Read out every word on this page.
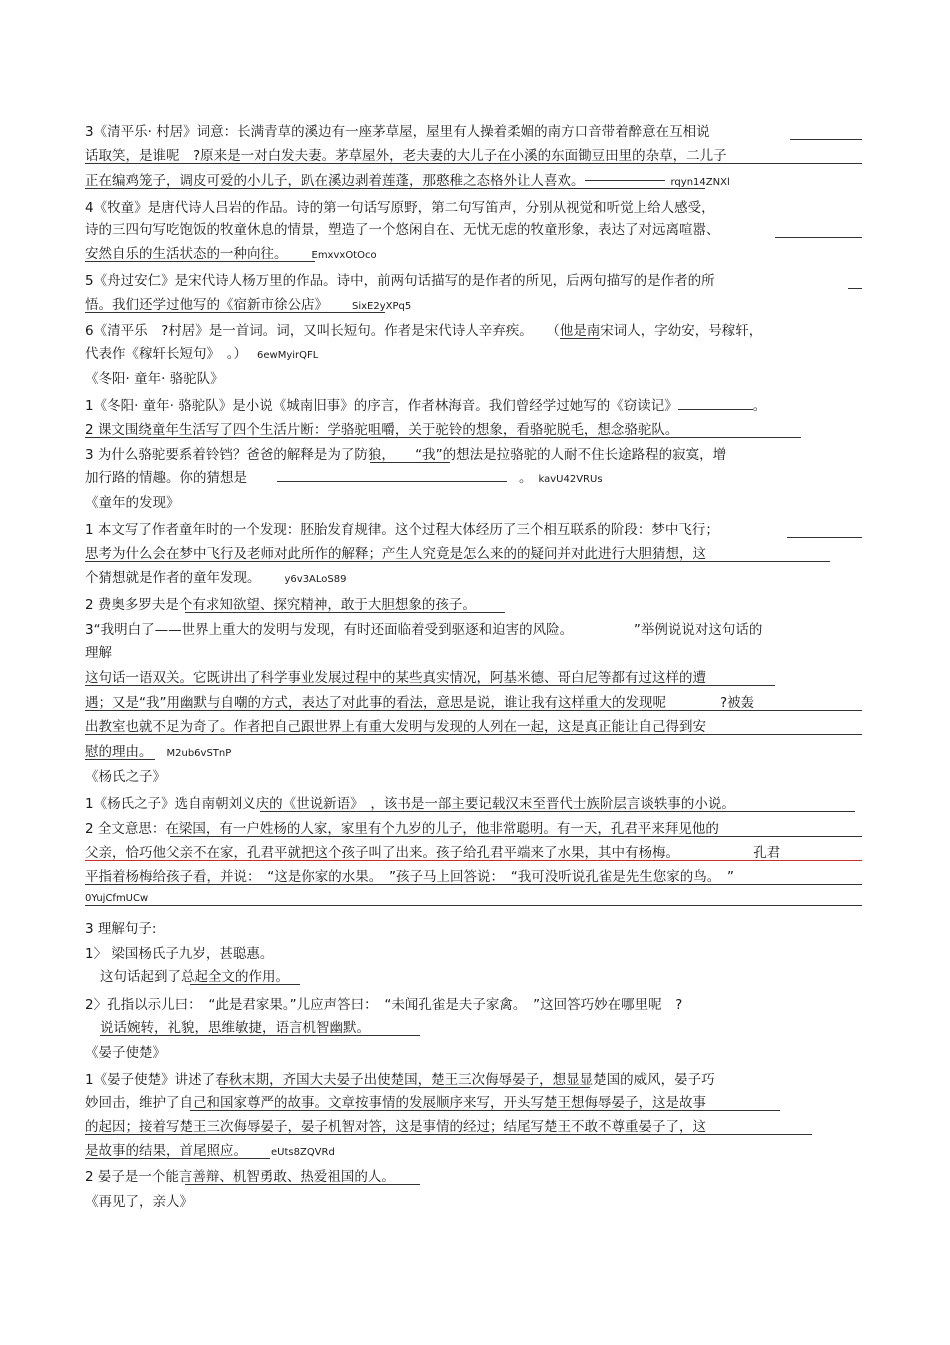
3《清平乐· 村居》词意：长满青草的溪边有一座茅草屋，屋里有人操着柔媚的南方口音带着醉意在互相说
话取笑，是谁呢　?原来是一对白发夫妻。茅草屋外，老夫妻的大儿子在小溪的东面锄豆田里的杂草，二儿子
正在编鸡笼子，调皮可爱的小儿子，趴在溪边剥着莲蓬，那憨稚之态格外让人喜欢。	rqyn14ZNXl
4《牧童》是唐代诗人吕岩的作品。诗的第一句话写原野，第二句写笛声，分别从视觉和听觉上给人感受，
诗的三四句写吃饱饭的牧童休息的情景，塑造了一个悠闲自在、无忧无虑的牧童形象，表达了对远离喧嚣、
安然自乐的生活状态的一种向往。 EmxvxOtOco
5《舟过安仁》是宋代诗人杨万里的作品。诗中，前两句话描写的是作者的所见，后两句描写的是作者的所
悟。我们还学过他写的《宿新市徐公店》 SixE2yXPq5
6《清平乐　?村居》是一首词。词，又叫长短句。作者是宋代诗人辛弃疾。　　（他是南宋词人，字幼安，号稼轩，
代表作《稼轩长短句》　。） 6ewMyirQFL
《冬阳· 童年· 骆驼队》
1《冬阳· 童年· 骆驼队》是小说《城南旧事》的序言，作者林海音。我们曾经学过她写的《窃读记》	。
2 课文围绕童年生活写了四个生活片断：学骆驼咀嚼，关于驼铃的想象，看骆驼脱毛，想念骆驼队。
3 为什么骆驼要系着铃铛？爸爸的解释是为了防狼，　　“我”的想法是拉骆驼的人耐不住长途路程的寂寞，增
加行路的情趣。你的猜想是	。 kavU42VRUs
《童年的发现》
1 本文写了作者童年时的一个发现：胚胎发育规律。这个过程大体经历了三个相互联系的阶段：梦中飞行；
思考为什么会在梦中飞行及老师对此所作的解释；产生人究竟是怎么来的的疑问并对此进行大胆猜想，这
个猜想就是作者的童年发现。 y6v3ALoS89
2 费奥多罗夫是个有求知欲望、探究精神，敢于大胆想象的孩子。
3“我明白了——世界上重大的发明与发现，有时还面临着受到驱逐和迫害的风险。　　　　　”举例说说对这句话的
理解
这句话一语双关。它既讲出了科学事业发展过程中的某些真实情况，阿基米德、哥白尼等都有过这样的遭
遇；又是“我”用幽默与自嘲的方式，表达了对此事的看法，意思是说，谁让我有这样重大的发现呢　　　　?被轰
出教室也就不足为奇了。作者把自己跟世界上有重大发明与发现的人列在一起，这是真正能让自己得到安
慰的理由。 M2ub6vSTnP
《杨氏之子》
1《杨氏之子》选自南朝刘义庆的《世说新语》　，该书是一部主要记载汉末至晋代士族阶层言谈轶事的小说。
2 全文意思：在梁国，有一户姓杨的人家，家里有个九岁的儿子，他非常聪明。有一天，孔君平来拜见他的
父亲，恰巧他父亲不在家，孔君平就把这个孩子叫了出来。孩子给孔君平端来了水果，其中有杨梅。　　　　　　孔君
平指着杨梅给孩子看，并说：　“这是你家的水果。　”孩子马上回答说：　“我可没听说孔雀是先生您家的鸟。　”
0YujCfmUCw
3 理解句子:
1〉 梁国杨氏子九岁，甚聪惠。
这句话起到了总起全文的作用。
2〉孔指以示儿曰：　“此是君家果。”儿应声答曰：　“未闻孔雀是夫子家禽。　”这回答巧妙在哪里呢　?
说话婉转，礼貌，思维敏捷，语言机智幽默。
《晏子使楚》
1《晏子使楚》讲述了春秋末期，齐国大夫晏子出使楚国，楚王三次侮辱晏子，想显显楚国的威风，晏子巧
妙回击，维护了自己和国家尊严的故事。文章按事情的发展顺序来写，开头写楚王想侮辱晏子，这是故事
的起因；接着写楚王三次侮辱晏子，晏子机智对答，这是事情的经过；结尾写楚王不敢不尊重晏子了，这
是故事的结果，首尾照应。 eUts8ZQVRd
2 晏子是一个能言善辩、机智勇敢、热爱祖国的人。
《再见了，亲人》
